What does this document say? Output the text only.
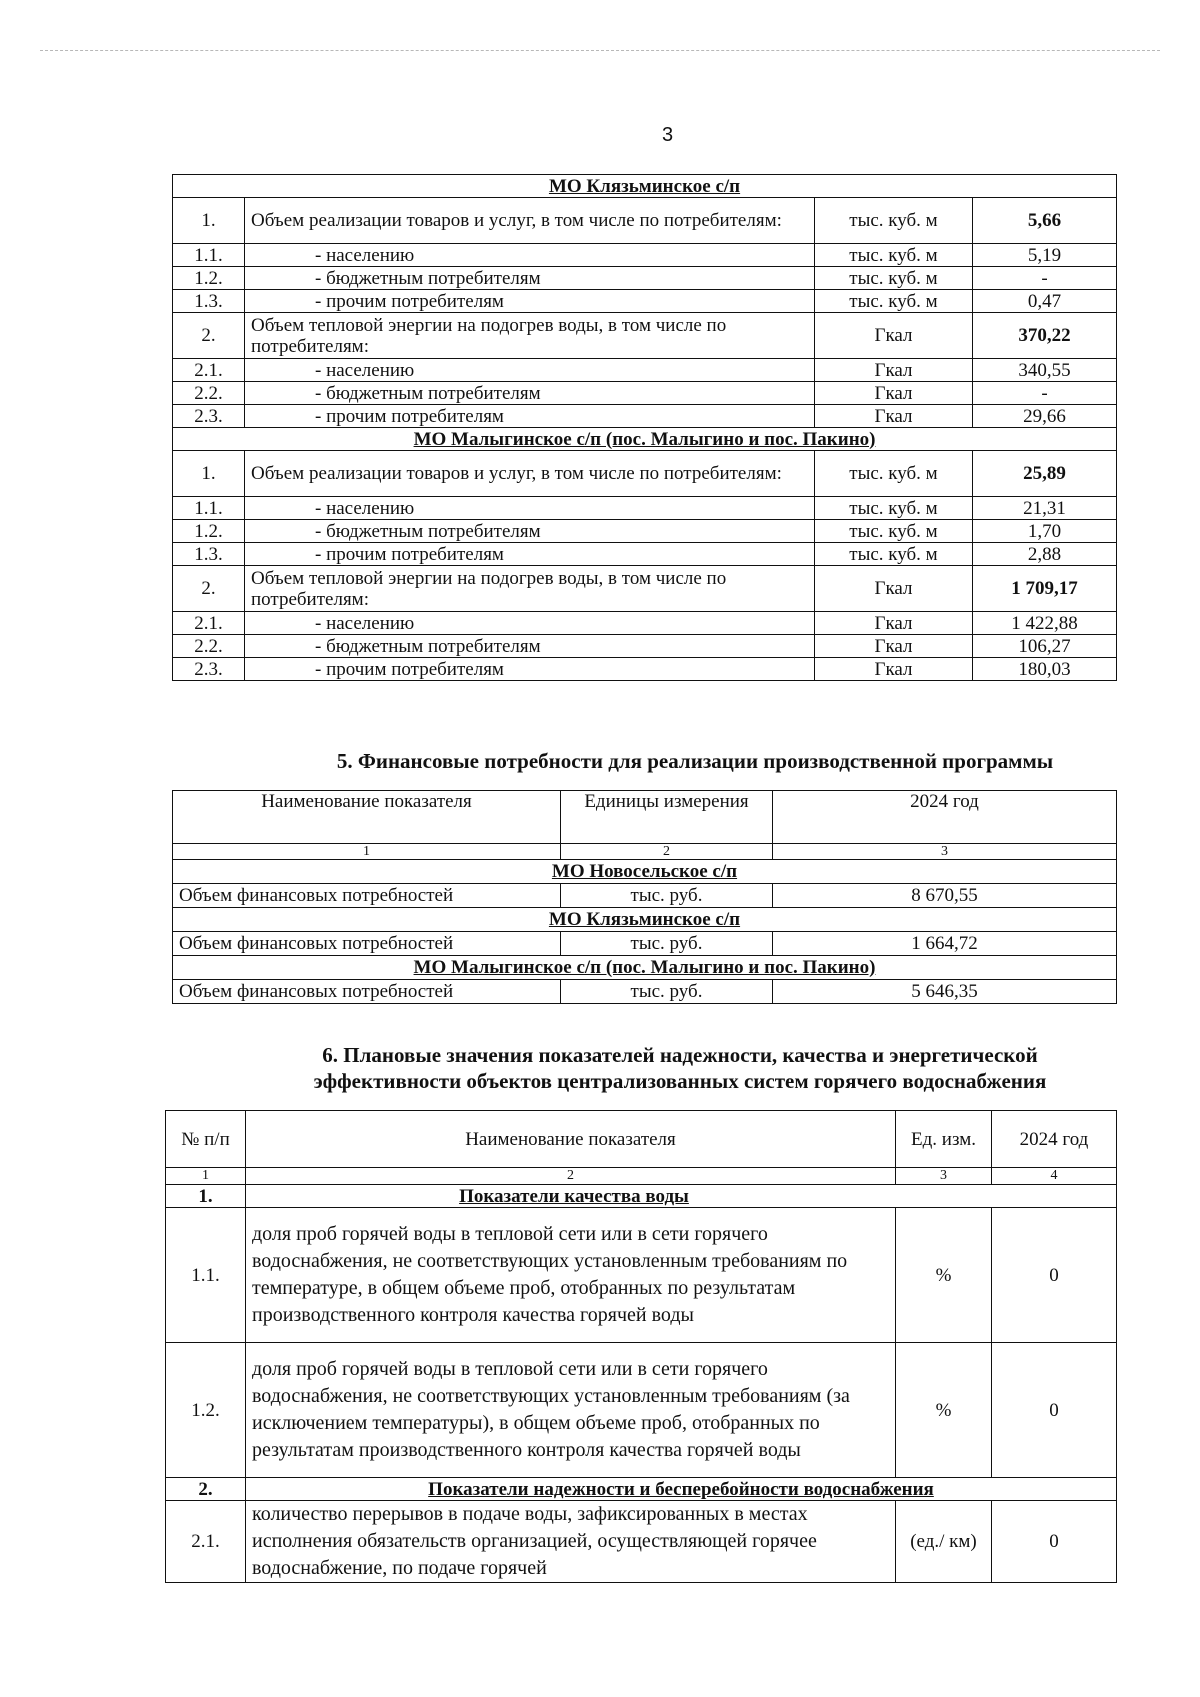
3
МО Клязьминское с/п			
1.	Объем реализации товаров и услуг, в том числе по потребителям:	тыс. куб. м	5,66
1.1.	- населению	тыс. куб. м	5,19
1.2.	- бюджетным потребителям	тыс. куб. м	-
1.3.	- прочим потребителям	тыс. куб. м	0,47
2.	Объем тепловой энергии на подогрев воды, в том числе по потребителям:	Гкал	370,22
2.1.	- населению	Гкал	340,55
2.2.	- бюджетным потребителям	Гкал	-
2.3.	- прочим потребителям	Гкал	29,66
МО Малыгинское с/п (пос. Малыгино и пос. Пакино)			
1.	Объем реализации товаров и услуг, в том числе по потребителям:	тыс. куб. м	25,89
1.1.	- населению	тыс. куб. м	21,31
1.2.	- бюджетным потребителям	тыс. куб. м	1,70
1.3.	- прочим потребителям	тыс. куб. м	2,88
2.	Объем тепловой энергии на подогрев воды, в том числе по потребителям:	Гкал	1 709,17
2.1.	- населению	Гкал	1 422,88
2.2.	- бюджетным потребителям	Гкал	106,27
2.3.	- прочим потребителям	Гкал	180,03
5. Финансовые потребности для реализации производственной программы
Наименование показателя	Единицы измерения	2024 год
1	2	3
МО Новосельское с/п		
Объем финансовых потребностей	тыс. руб.	8 670,55
МО Клязьминское с/п		
Объем финансовых потребностей	тыс. руб.	1 664,72
МО Малыгинское с/п (пос. Малыгино и пос. Пакино)		
Объем финансовых потребностей	тыс. руб.	5 646,35
6. Плановые значения показателей надежности, качества и энергетической
эффективности объектов централизованных систем горячего водоснабжения
№ п/п	Наименование показателя	Ед. изм.	2024 год
1	2	3	4
1.	Показатели качества воды		
1.1.	доля проб горячей воды в тепловой сети или в сети горячего водоснабжения, не соответствующих установленным требованиям по температуре, в общем объеме проб, отобранных по результатам производственного контроля качества горячей воды	%	0
1.2.	доля проб горячей воды в тепловой сети или в сети горячего водоснабжения, не соответствующих установленным требованиям (за исключением температуры), в общем объеме проб, отобранных по результатам производственного контроля качества горячей воды	%	0
2.	Показатели надежности и бесперебойности водоснабжения		
2.1.	количество перерывов в подаче воды, зафиксированных в местах исполнения обязательств организацией, осуществляющей горячее водоснабжение, по подаче горячей	(ед./ км)	0
